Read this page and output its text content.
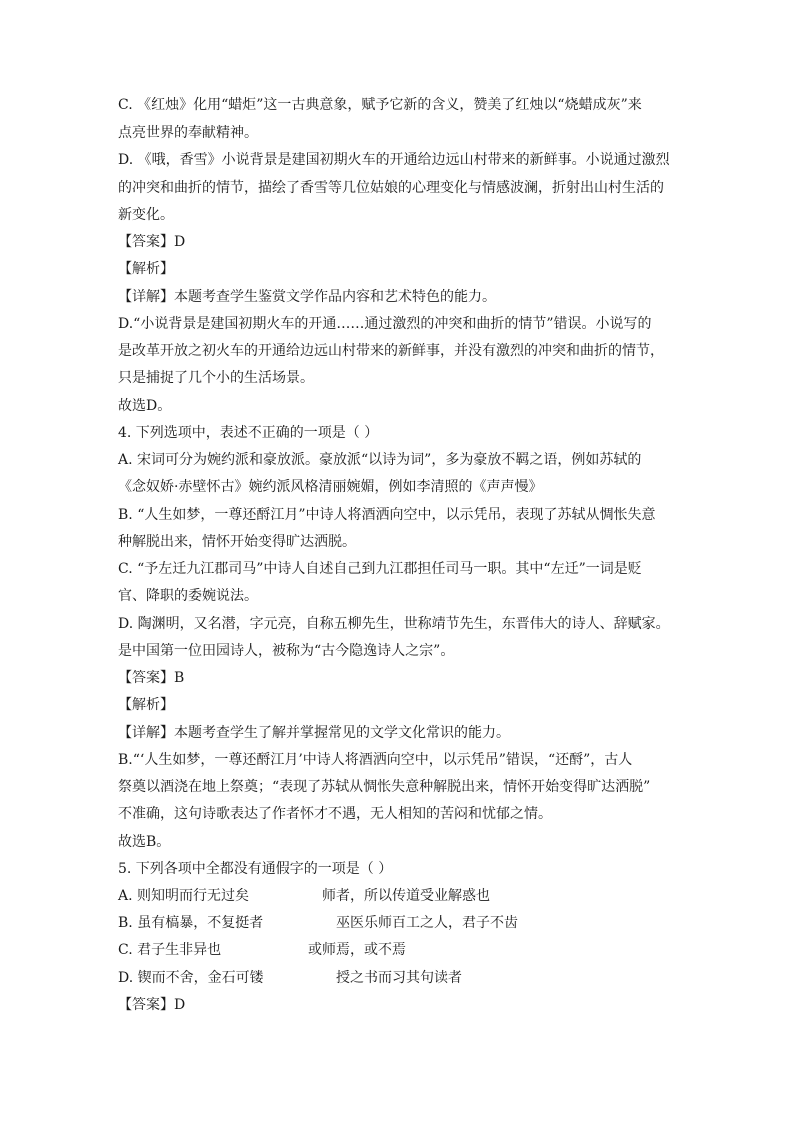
C. 《红烛》化用“蜡炬”这一古典意象，赋予它新的含义，赞美了红烛以“烧蜡成灰”来
点亮世界的奉献精神。
D. 《哦，香雪》小说背景是建国初期火车的开通给边远山村带来的新鲜事。小说通过激烈
的冲突和曲折的情节，描绘了香雪等几位姑娘的心理变化与情感波澜，折射出山村生活的
新变化。
【答案】D
【解析】
【详解】本题考查学生鉴赏文学作品内容和艺术特色的能力。
D.“小说背景是建国初期火车的开通……通过激烈的冲突和曲折的情节”错误。小说写的
是改革开放之初火车的开通给边远山村带来的新鲜事，并没有激烈的冲突和曲折的情节，
只是捕捉了几个小的生活场景。
故选D。
4. 下列选项中，表述不正确的一项是（ ）
A. 宋词可分为婉约派和豪放派。豪放派“以诗为词”，多为豪放不羁之语，例如苏轼的
《念奴娇·赤壁怀古》婉约派风格清丽婉媚，例如李清照的《声声慢》
B. “人生如梦，一尊还酹江月”中诗人将酒洒向空中，以示凭吊，表现了苏轼从惆怅失意
种解脱出来，情怀开始变得旷达洒脱。
C. “予左迁九江郡司马”中诗人自述自己到九江郡担任司马一职。其中“左迁”一词是贬
官、降职的委婉说法。
D. 陶渊明，又名潜，字元亮，自称五柳先生，世称靖节先生，东晋伟大的诗人、辞赋家。
是中国第一位田园诗人，被称为“古今隐逸诗人之宗”。
【答案】B
【解析】
【详解】本题考查学生了解并掌握常见的文学文化常识的能力。
B.“‘人生如梦，一尊还酹江月’中诗人将酒洒向空中，以示凭吊”错误，“还酹”，古人
祭奠以酒浇在地上祭奠；“表现了苏轼从惆怅失意种解脱出来，情怀开始变得旷达洒脱”
不准确，这句诗歌表达了作者怀才不遇，无人相知的苦闷和忧郁之情。
故选B。
5. 下列各项中全都没有通假字的一项是（ ）
A. 则知明而行无过矣	师者，所以传道受业解惑也
B. 虽有槁暴，不复挺者	巫医乐师百工之人，君子不齿
C. 君子生非异也	或师焉，或不焉
D. 锲而不舍，金石可镂	授之书而习其句读者
【答案】D
